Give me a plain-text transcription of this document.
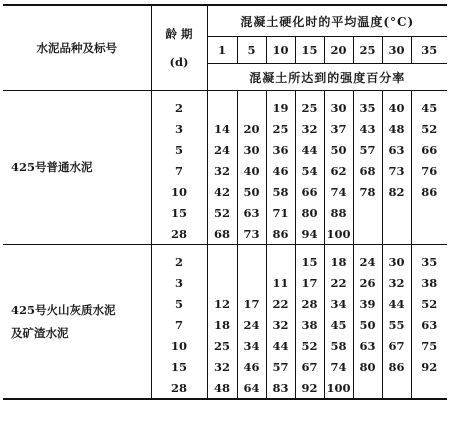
水泥品种及标号	龄 期
(d)	混凝土硬化时的平均温度(°C)							
		1	5	10	15	20	25	30	35
		混凝土所达到的强度百分率							

425号普通水泥	2			19	25	30	35	40	45
	3	14	20	25	32	37	43	48	52
	5	24	30	36	44	50	57	63	66
	7	32	40	46	54	62	68	73	76
	10	42	50	58	66	74	78	82	86
	15	52	63	71	80	88			
	28	68	73	86	94	100			

425号火山灰质水泥
及矿渣水泥	2				15	18	24	30	35
	3			11	17	22	26	32	38
	5	12	17	22	28	34	39	44	52
	7	18	24	32	38	45	50	55	63
	10	25	34	44	52	58	63	67	75
	15	32	46	57	67	74	80	86	92
	28	48	64	83	92	100			
